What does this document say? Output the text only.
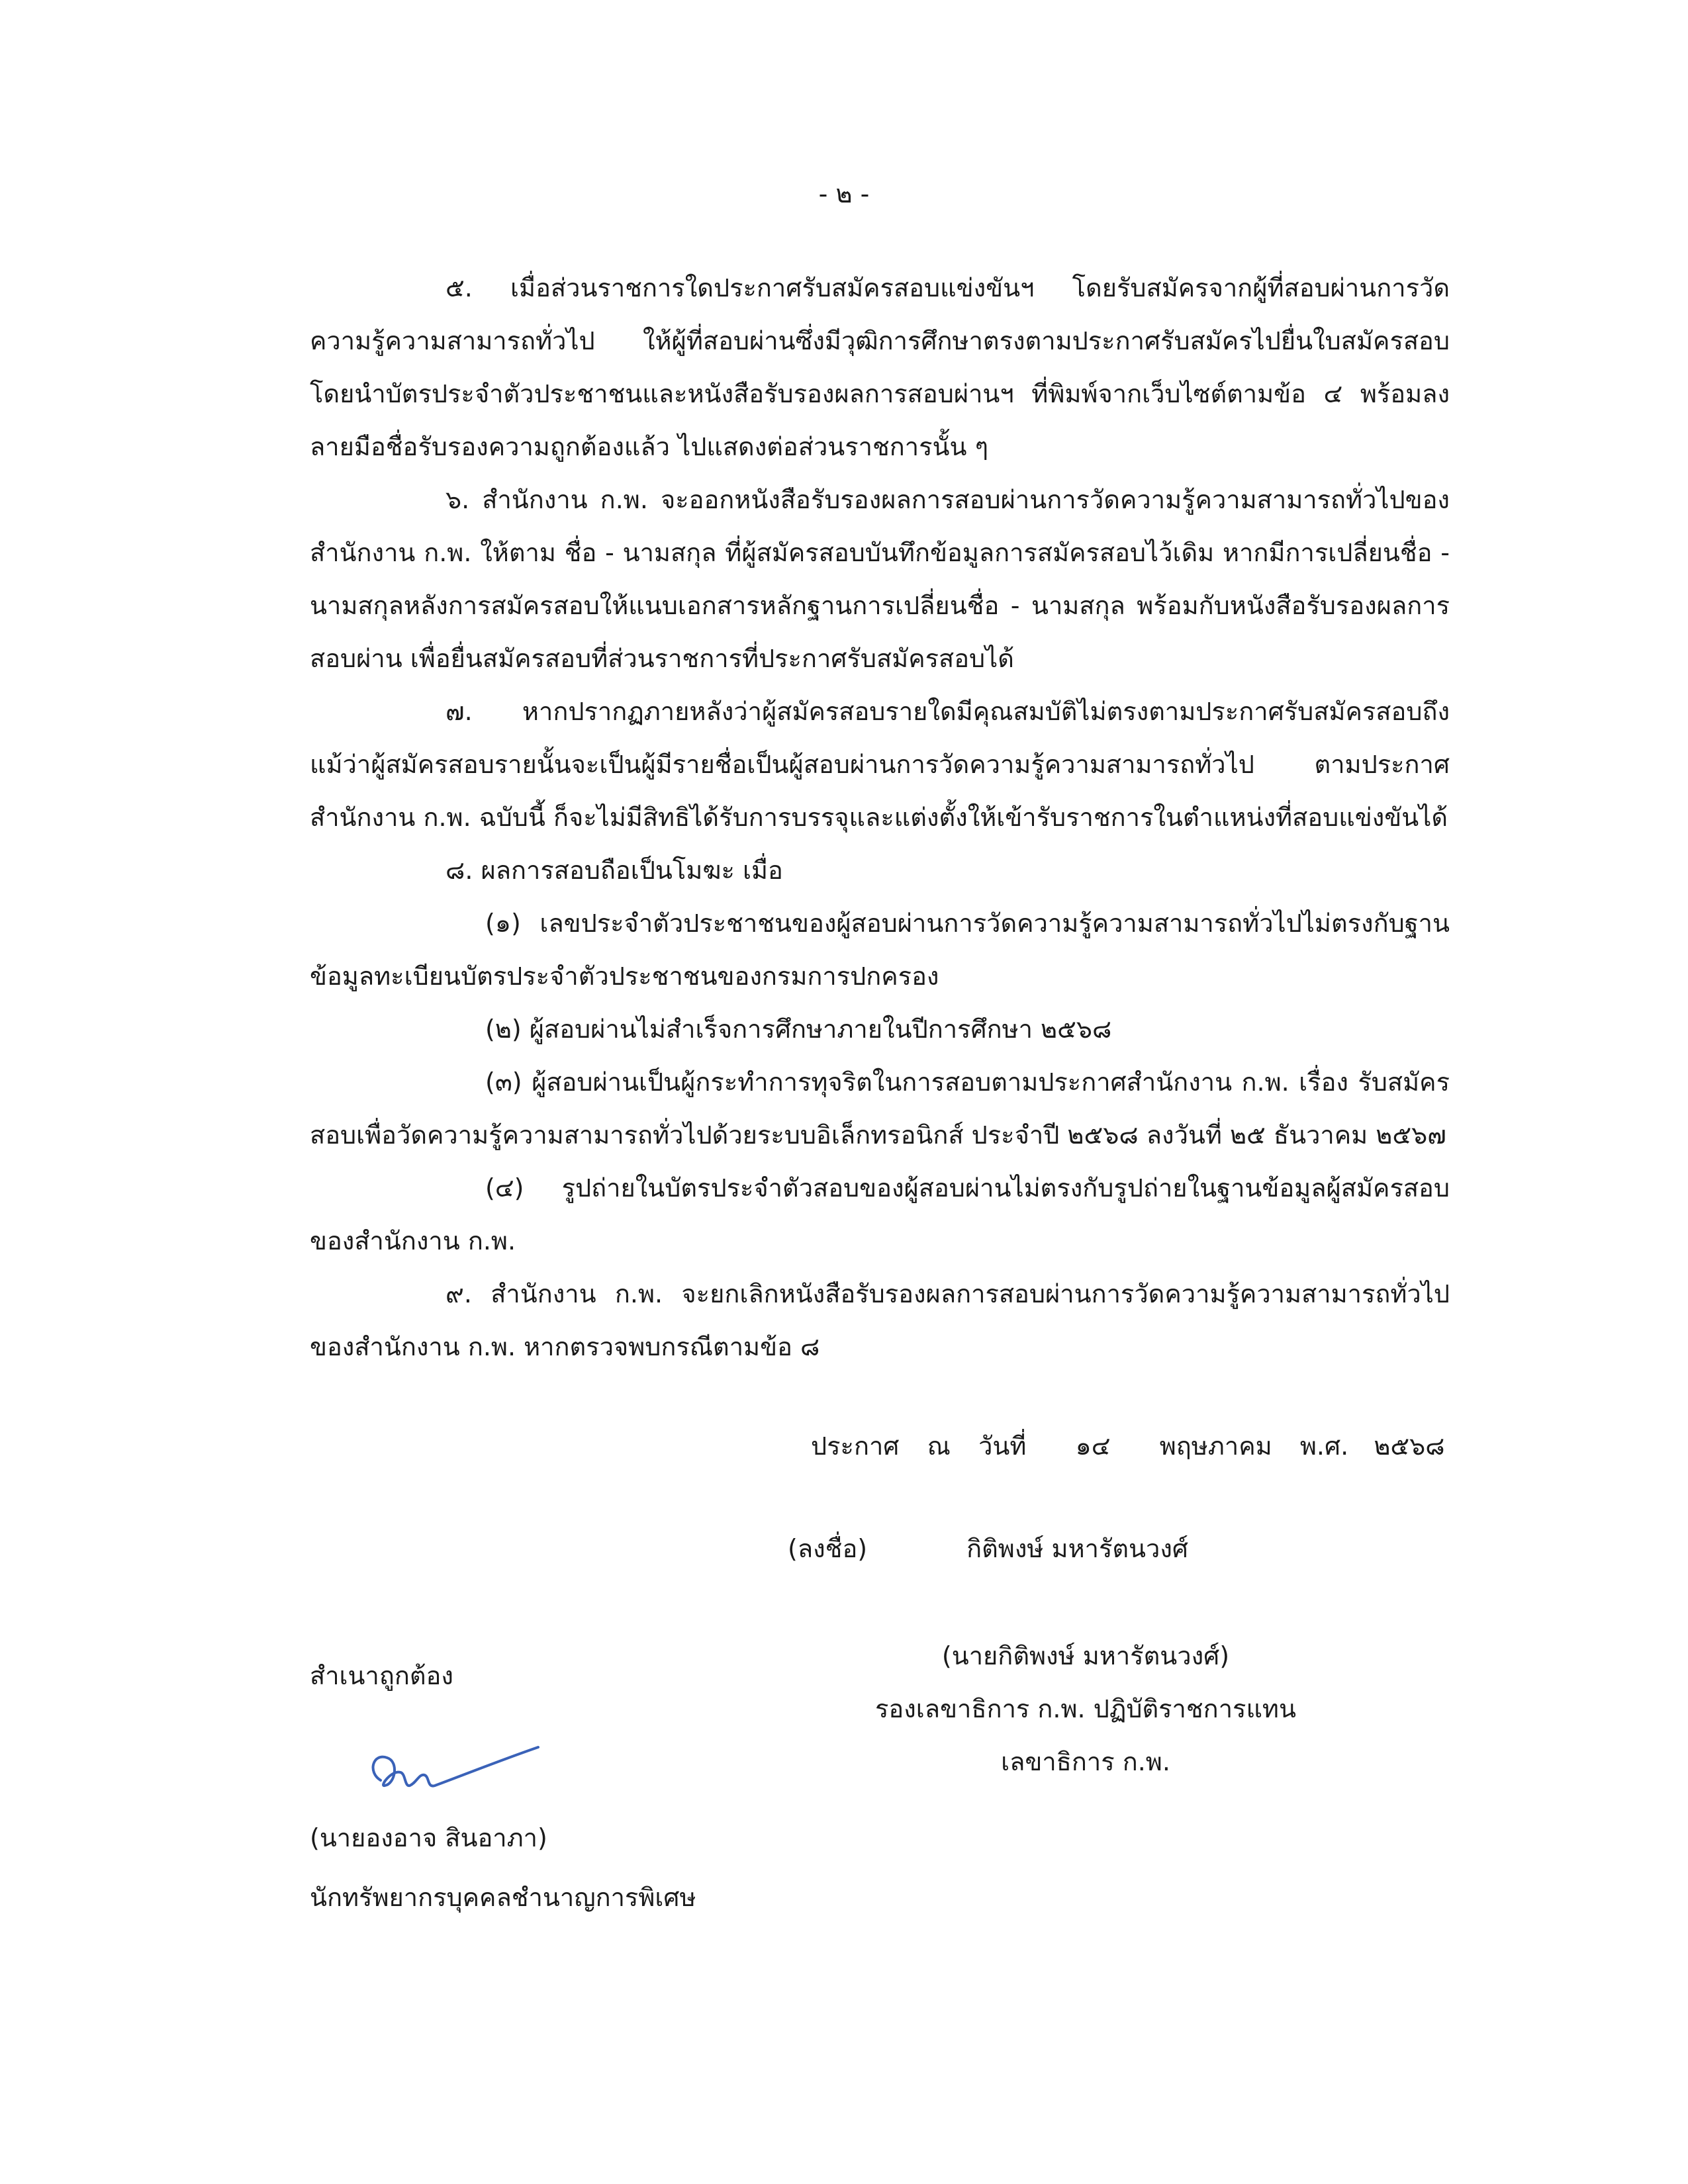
- ๒ -

๕. เมื่อส่วนราชการใดประกาศรับสมัครสอบแข่งขันฯ โดยรับสมัครจากผู้ที่สอบผ่านการวัดความรู้ความสามารถทั่วไป ให้ผู้ที่สอบผ่านซึ่งมีวุฒิการศึกษาตรงตามประกาศรับสมัครไปยื่นใบสมัครสอบ โดยนำบัตรประจำตัวประชาชนและหนังสือรับรองผลการสอบผ่านฯ ที่พิมพ์จากเว็บไซต์ตามข้อ ๔ พร้อมลงลายมือชื่อรับรองความถูกต้องแล้ว ไปแสดงต่อส่วนราชการนั้น ๆ

๖. สำนักงาน ก.พ. จะออกหนังสือรับรองผลการสอบผ่านการวัดความรู้ความสามารถทั่วไปของสำนักงาน ก.พ. ให้ตาม ชื่อ - นามสกุล ที่ผู้สมัครสอบบันทึกข้อมูลการสมัครสอบไว้เดิม หากมีการเปลี่ยนชื่อ - นามสกุลหลังการสมัครสอบให้แนบเอกสารหลักฐานการเปลี่ยนชื่อ - นามสกุล พร้อมกับหนังสือรับรองผลการสอบผ่าน เพื่อยื่นสมัครสอบที่ส่วนราชการที่ประกาศรับสมัครสอบได้

๗. หากปรากฏภายหลังว่าผู้สมัครสอบรายใดมีคุณสมบัติไม่ตรงตามประกาศรับสมัครสอบถึงแม้ว่าผู้สมัครสอบรายนั้นจะเป็นผู้มีรายชื่อเป็นผู้สอบผ่านการวัดความรู้ความสามารถทั่วไป ตามประกาศสำนักงาน ก.พ. ฉบับนี้ ก็จะไม่มีสิทธิได้รับการบรรจุและแต่งตั้งให้เข้ารับราชการในตำแหน่งที่สอบแข่งขันได้

๘. ผลการสอบถือเป็นโมฆะ เมื่อ

(๑) เลขประจำตัวประชาชนของผู้สอบผ่านการวัดความรู้ความสามารถทั่วไปไม่ตรงกับฐานข้อมูลทะเบียนบัตรประจำตัวประชาชนของกรมการปกครอง

(๒) ผู้สอบผ่านไม่สำเร็จการศึกษาภายในปีการศึกษา ๒๕๖๘

(๓) ผู้สอบผ่านเป็นผู้กระทำการทุจริตในการสอบตามประกาศสำนักงาน ก.พ. เรื่อง รับสมัครสอบเพื่อวัดความรู้ความสามารถทั่วไปด้วยระบบอิเล็กทรอนิกส์ ประจำปี ๒๕๖๘ ลงวันที่ ๒๕ ธันวาคม ๒๕๖๗

(๔) รูปถ่ายในบัตรประจำตัวสอบของผู้สอบผ่านไม่ตรงกับรูปถ่ายในฐานข้อมูลผู้สมัครสอบของสำนักงาน ก.พ.

๙. สำนักงาน ก.พ. จะยกเลิกหนังสือรับรองผลการสอบผ่านการวัดความรู้ความสามารถทั่วไปของสำนักงาน ก.พ. หากตรวจพบกรณีตามข้อ ๘

ประกาศ ณ วันที่ ๑๔ พฤษภาคม พ.ศ. ๒๕๖๘
(ลงชื่อ)	กิติพงษ์ มหารัตนวงศ์
(นายกิติพงษ์ มหารัตนวงศ์)
รองเลขาธิการ ก.พ. ปฏิบัติราชการแทน
เลขาธิการ ก.พ.
สำเนาถูกต้อง
(นายองอาจ สินอาภา)
นักทรัพยากรบุคคลชำนาญการพิเศษ
